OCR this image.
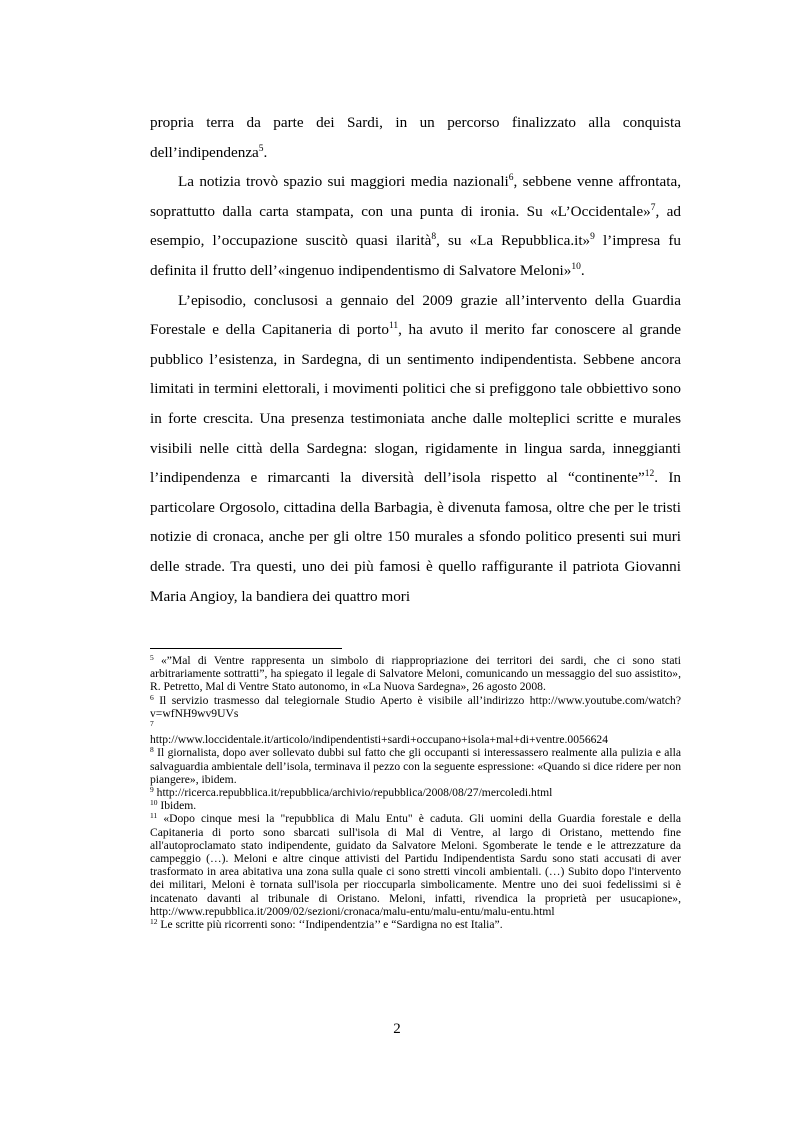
propria terra da parte dei Sardi, in un percorso finalizzato alla conquista dell’indipendenza$^5$.

La notizia trovò spazio sui maggiori media nazionali$^6$, sebbene venne affrontata, soprattutto dalla carta stampata, con una punta di ironia. Su «L’Occidentale»$^7$, ad esempio, l’occupazione suscitò quasi ilarità$^8$, su «La Repubblica.it»$^9$ l’impresa fu definita il frutto dell’«ingenuo indipendentismo di Salvatore Meloni»$^{10}$.

L’episodio, conclusosi a gennaio del 2009 grazie all’intervento della Guardia Forestale e della Capitaneria di porto$^{11}$, ha avuto il merito far conoscere al grande pubblico l’esistenza, in Sardegna, di un sentimento indipendentista. Sebbene ancora limitati in termini elettorali, i movimenti politici che si prefiggono tale obbiettivo sono in forte crescita. Una presenza testimoniata anche dalle molteplici scritte e murales visibili nelle città della Sardegna: slogan, rigidamente in lingua sarda, inneggianti l’indipendenza e rimarcanti la diversità dell’isola rispetto al “continente”$^{12}$. In particolare Orgosolo, cittadina della Barbagia, è divenuta famosa, oltre che per le tristi notizie di cronaca, anche per gli oltre 150 murales a sfondo politico presenti sui muri delle strade. Tra questi, uno dei più famosi è quello raffigurante il patriota Giovanni Maria Angioy, la bandiera dei quattro mori

$^5$ «”Mal di Ventre rappresenta un simbolo di riappropriazione dei territori dei sardi, che ci sono stati arbitrariamente sottratti”, ha spiegato il legale di Salvatore Meloni, comunicando un messaggio del suo assistito», R. Petretto, Mal di Ventre Stato autonomo, in «La Nuova Sardegna», 26 agosto 2008.

$^6$ Il servizio trasmesso dal telegiornale Studio Aperto è visibile all’indirizzo http://www.youtube.com/watch?v=wfNH9wv9UVs

$^7$

http://www.loccidentale.it/articolo/indipendentisti+sardi+occupano+isola+mal+di+ventre.0056624

$^8$ Il giornalista, dopo aver sollevato dubbi sul fatto che gli occupanti si interessassero realmente alla pulizia e alla salvaguardia ambientale dell’isola, terminava il pezzo con la seguente espressione: «Quando si dice ridere per non piangere», ibidem.

$^9$ http://ricerca.repubblica.it/repubblica/archivio/repubblica/2008/08/27/mercoledi.html

$^{10}$ Ibidem.

$^{11}$ «Dopo cinque mesi la "repubblica di Malu Entu" è caduta. Gli uomini della Guardia forestale e della Capitaneria di porto sono sbarcati sull'isola di Mal di Ventre, al largo di Oristano, mettendo fine all'autoproclamato stato indipendente, guidato da Salvatore Meloni. Sgomberate le tende e le attrezzature da campeggio (…). Meloni e altre cinque attivisti del Partidu Indipendentista Sardu sono stati accusati di aver trasformato in area abitativa una zona sulla quale ci sono stretti vincoli ambientali. (…) Subito dopo l'intervento dei militari, Meloni è tornata sull'isola per rioccuparla simbolicamente. Mentre uno dei suoi fedelissimi si è incatenato davanti al tribunale di Oristano. Meloni, infatti, rivendica la proprietà per usucapione», http://www.repubblica.it/2009/02/sezioni/cronaca/malu-entu/malu-entu/malu-entu.html

$^{12}$ Le scritte più ricorrenti sono: ‘‘Indipendentzia’’ e “Sardigna no est Italia”.

2
